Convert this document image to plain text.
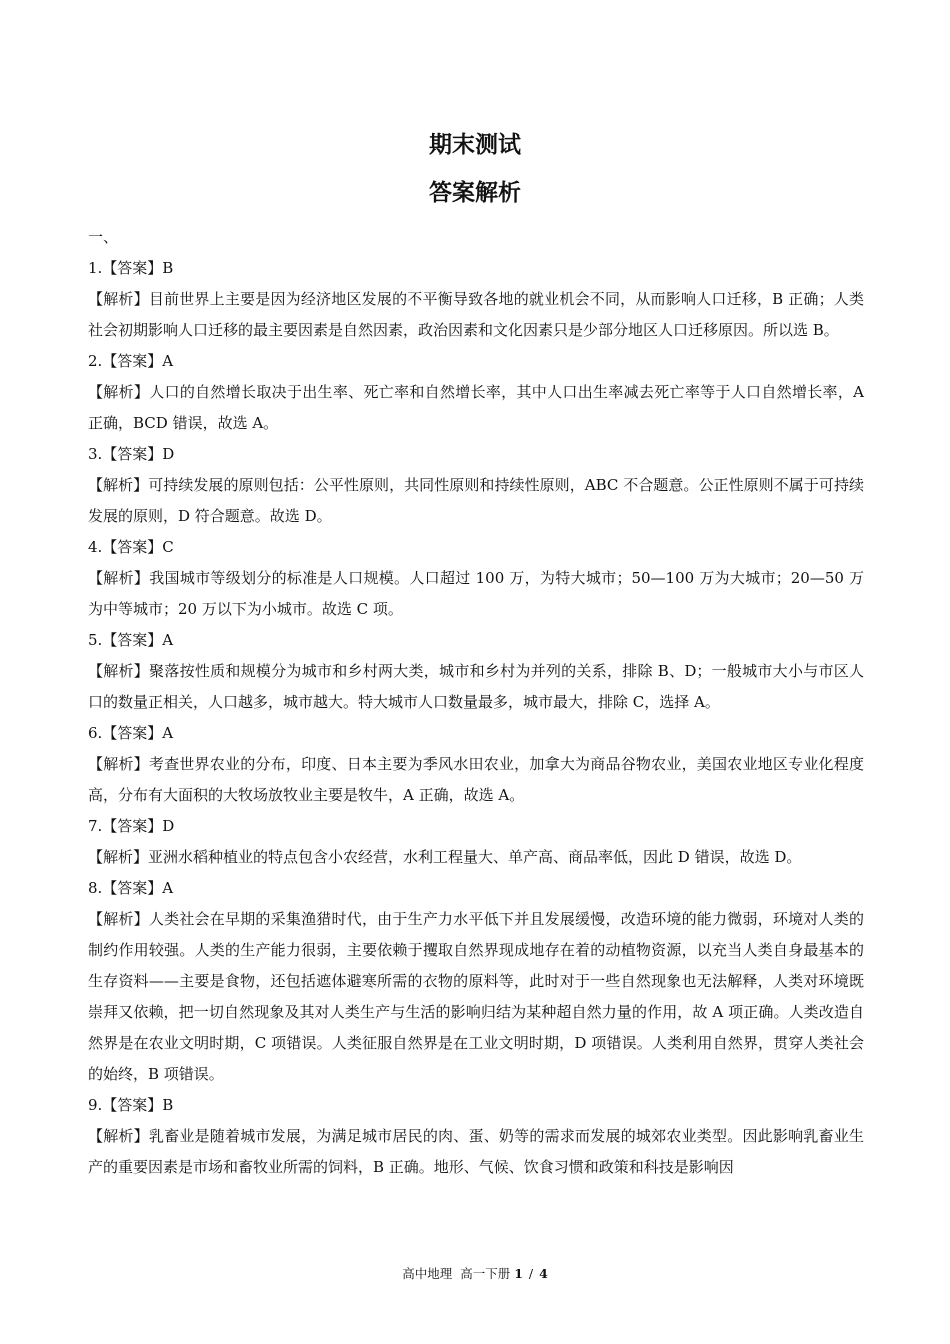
期末测试
答案解析

一、

1.【答案】B

【解析】目前世界上主要是因为经济地区发展的不平衡导致各地的就业机会不同，从而影响人口迁移，B 正确；人类社会初期影响人口迁移的最主要因素是自然因素，政治因素和文化因素只是少部分地区人口迁移原因。所以选 B。

2.【答案】A

【解析】人口的自然增长取决于出生率、死亡率和自然增长率，其中人口出生率减去死亡率等于人口自然增长率，A 正确，BCD 错误，故选 A。

3.【答案】D

【解析】可持续发展的原则包括：公平性原则，共同性原则和持续性原则，ABC 不合题意。公正性原则不属于可持续发展的原则，D 符合题意。故选 D。

4.【答案】C

【解析】我国城市等级划分的标准是人口规模。人口超过 100 万，为特大城市；50—100 万为大城市；20—50 万为中等城市；20 万以下为小城市。故选 C 项。

5.【答案】A

【解析】聚落按性质和规模分为城市和乡村两大类，城市和乡村为并列的关系，排除 B、D；一般城市大小与市区人口的数量正相关，人口越多，城市越大。特大城市人口数量最多，城市最大，排除 C，选择 A。

6.【答案】A

【解析】考查世界农业的分布，印度、日本主要为季风水田农业，加拿大为商品谷物农业，美国农业地区专业化程度高，分布有大面积的大牧场放牧业主要是牧牛，A 正确，故选 A。

7.【答案】D

【解析】亚洲水稻种植业的特点包含小农经营，水利工程量大、单产高、商品率低，因此 D 错误，故选 D。

8.【答案】A

【解析】人类社会在早期的采集渔猎时代，由于生产力水平低下并且发展缓慢，改造环境的能力微弱，环境对人类的制约作用较强。人类的生产能力很弱，主要依赖于攫取自然界现成地存在着的动植物资源，以充当人类自身最基本的生存资料——主要是食物，还包括遮体避寒所需的衣物的原料等，此时对于一些自然现象也无法解释，人类对环境既崇拜又依赖，把一切自然现象及其对人类生产与生活的影响归结为某种超自然力量的作用，故 A 项正确。人类改造自然界是在农业文明时期，C 项错误。人类征服自然界是在工业文明时期，D 项错误。人类利用自然界，贯穿人类社会的始终，B 项错误。

9.【答案】B

【解析】乳畜业是随着城市发展，为满足城市居民的肉、蛋、奶等的需求而发展的城郊农业类型。因此影响乳畜业生产的重要因素是市场和畜牧业所需的饲料，B 正确。地形、气候、饮食习惯和政策和科技是影响因

高中地理 高一下册 1 / 4
